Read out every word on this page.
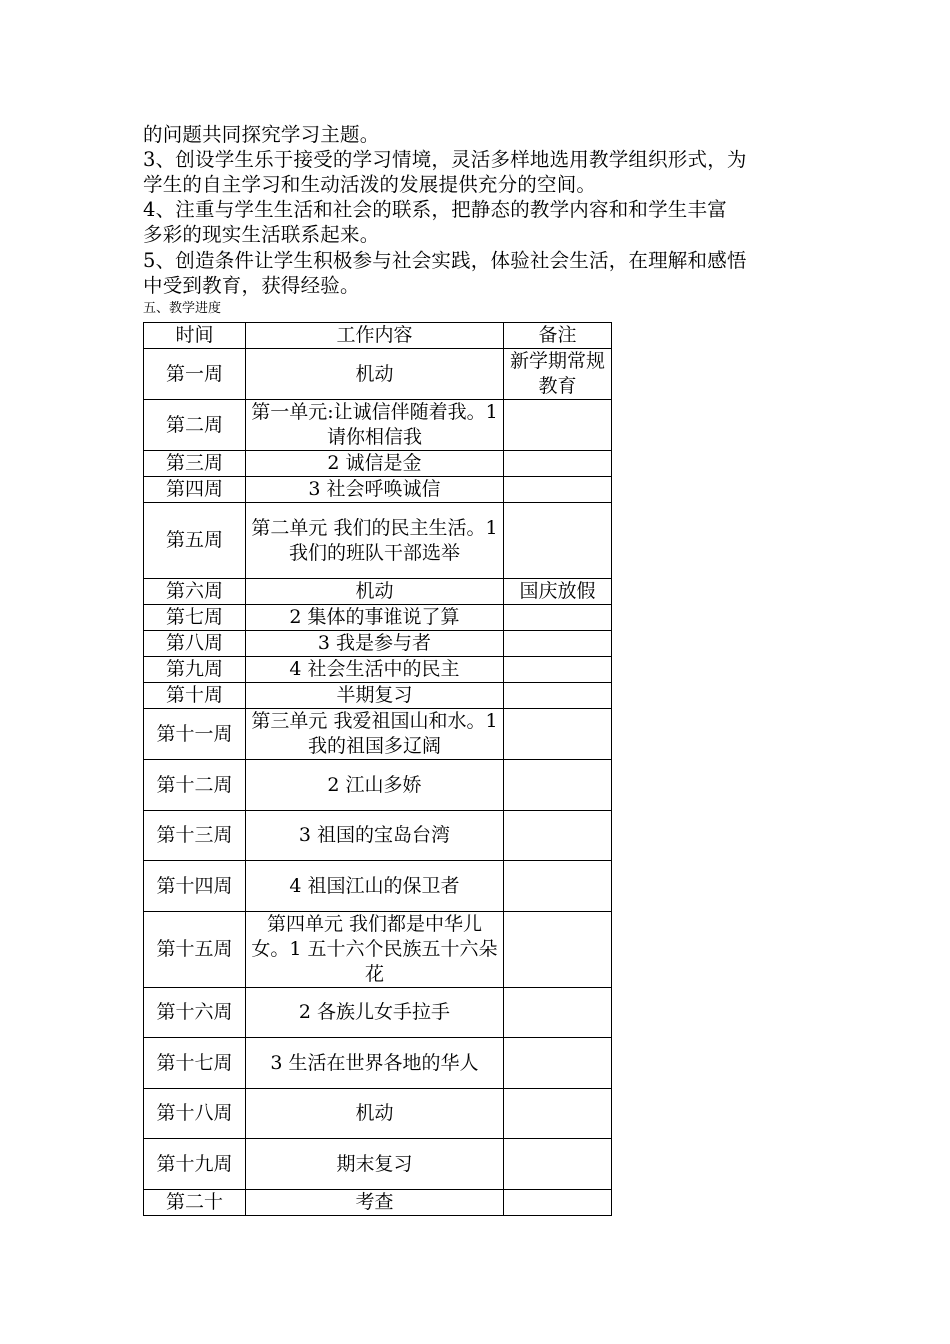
的问题共同探究学习主题。
3、创设学生乐于接受的学习情境，灵活多样地选用教学组织形式，为
学生的自主学习和生动活泼的发展提供充分的空间。
4、注重与学生生活和社会的联系，把静态的教学内容和和学生丰富
多彩的现实生活联系起来。
5、创造条件让学生积极参与社会实践，体验社会生活，在理解和感悟
中受到教育，获得经验。
五、教学进度
时间	工作内容	备注
第一周	机动	新学期常规教育
第二周	第一单元:让诚信伴随着我。1 请你相信我	
第三周	2 诚信是金	
第四周	3 社会呼唤诚信	
第五周	第二单元 我们的民主生活。1 我们的班队干部选举	
第六周	机动	国庆放假
第七周	2 集体的事谁说了算	
第八周	3 我是参与者	
第九周	4 社会生活中的民主	
第十周	半期复习	
第十一周	第三单元 我爱祖国山和水。1 我的祖国多辽阔	
第十二周	2 江山多娇	
第十三周	3 祖国的宝岛台湾	
第十四周	4 祖国江山的保卫者	
第十五周	第四单元 我们都是中华儿女。1 五十六个民族五十六朵花	
第十六周	2 各族儿女手拉手	
第十七周	3 生活在世界各地的华人	
第十八周	机动	
第十九周	期末复习	
第二十	考查	
